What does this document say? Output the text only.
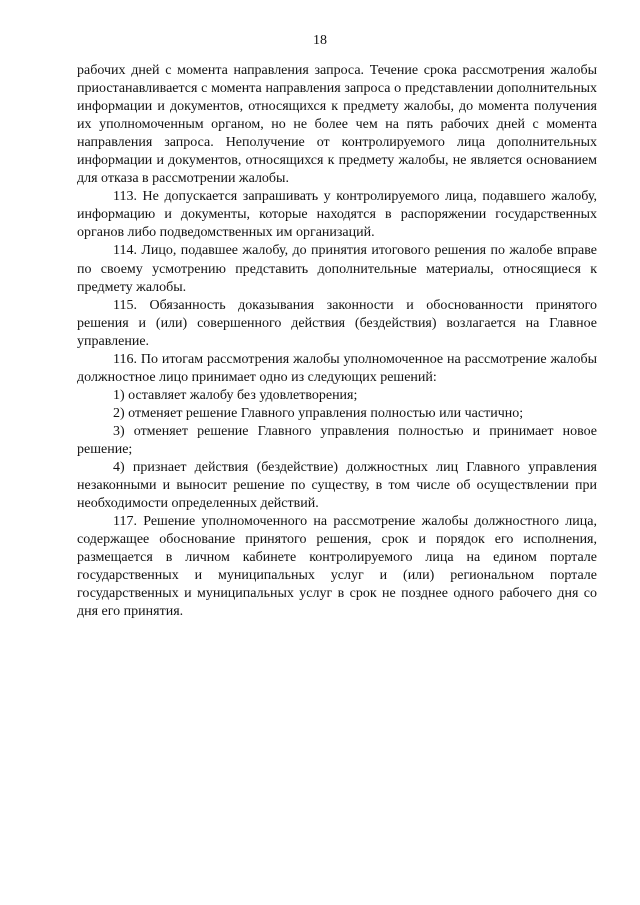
18

рабочих дней с момента направления запроса. Течение срока рассмотрения жалобы приостанавливается с момента направления запроса о представлении дополнительных информации и документов, относящихся к предмету жалобы, до момента получения их уполномоченным органом, но не более чем на пять рабочих дней с момента направления запроса. Неполучение от контролируемого лица дополнительных информации и документов, относящихся к предмету жалобы, не является основанием для отказа в рассмотрении жалобы.

113. Не допускается запрашивать у контролируемого лица, подавшего жалобу, информацию и документы, которые находятся в распоряжении государственных органов либо подведомственных им организаций.

114. Лицо, подавшее жалобу, до принятия итогового решения по жалобе вправе по своему усмотрению представить дополнительные материалы, относящиеся к предмету жалобы.

115. Обязанность доказывания законности и обоснованности принятого решения и (или) совершенного действия (бездействия) возлагается на Главное управление.

116. По итогам рассмотрения жалобы уполномоченное на рассмотрение жалобы должностное лицо принимает одно из следующих решений:

1) оставляет жалобу без удовлетворения;

2) отменяет решение Главного управления полностью или частично;

3) отменяет решение Главного управления полностью и принимает новое решение;

4) признает действия (бездействие) должностных лиц Главного управления незаконными и выносит решение по существу, в том числе об осуществлении при необходимости определенных действий.

117. Решение уполномоченного на рассмотрение жалобы должностного лица, содержащее обоснование принятого решения, срок и порядок его исполнения, размещается в личном кабинете контролируемого лица на едином портале государственных и муниципальных услуг и (или) региональном портале государственных и муниципальных услуг в срок не позднее одного рабочего дня со дня его принятия.
